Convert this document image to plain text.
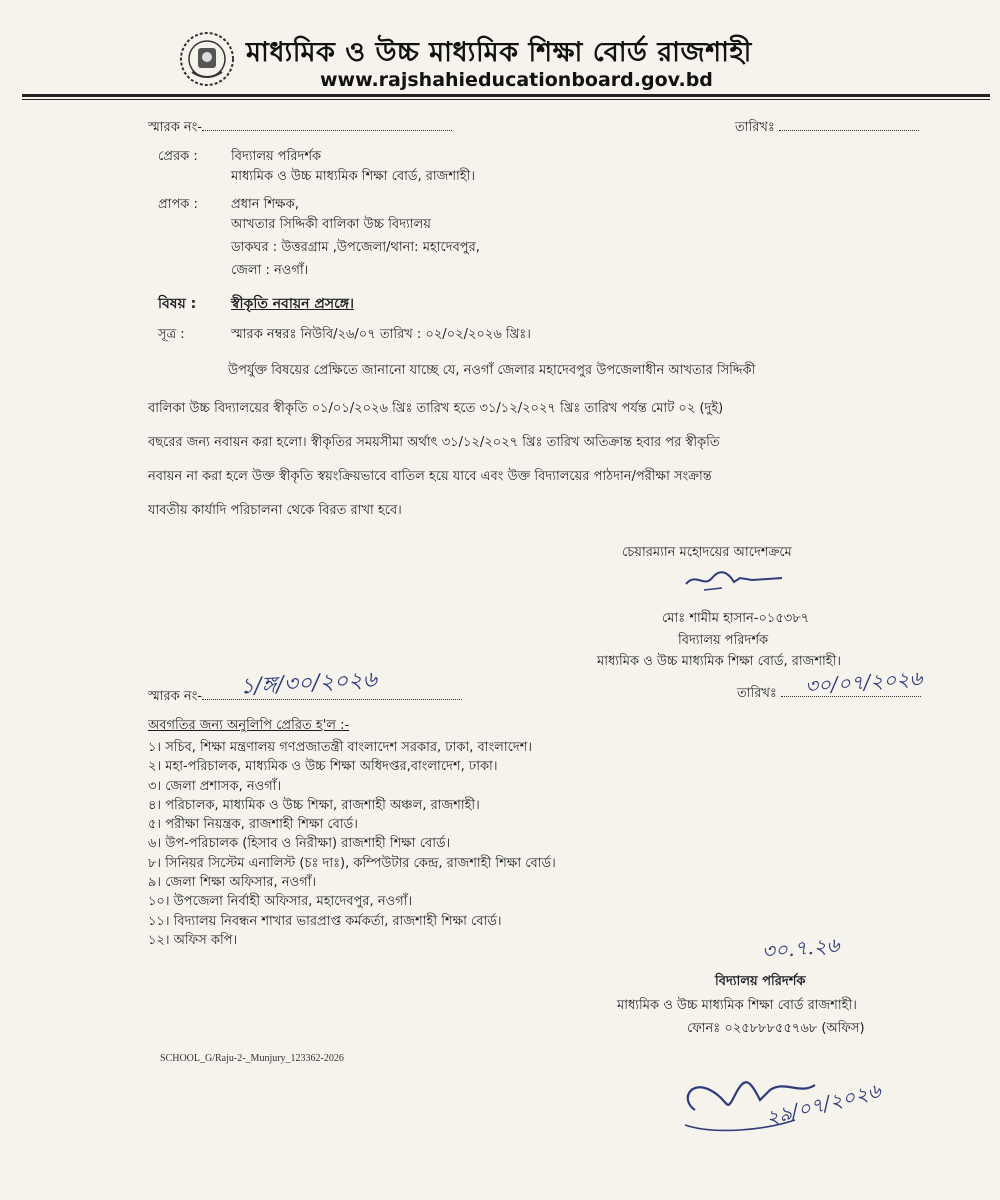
মাধ্যমিক ও উচ্চ মাধ্যমিক শিক্ষা বোর্ড রাজশাহী
www.rajshahieducationboard.gov.bd
স্মারক নং-	তারিখঃ
প্রেরক :	বিদ্যালয় পরিদর্শক
মাধ্যমিক ও উচ্চ মাধ্যমিক শিক্ষা বোর্ড, রাজশাহী।
প্রাপক :	প্রধান শিক্ষক,
আখতার সিদ্দিকী বালিকা উচ্চ বিদ্যালয়
ডাকঘর : উত্তরগ্রাম ,উপজেলা/থানা: মহাদেবপুর,
জেলা : নওগাঁ।
বিষয় : স্বীকৃতি নবায়ন প্রসঙ্গে।
সূত্র :	স্মারক নম্বরঃ নিউবি/২৬/০৭ তারিখ : ০২/০২/২০২৬ খ্রিঃ।
উপর্যুক্ত বিষয়ের প্রেক্ষিতে জানানো যাচ্ছে যে, নওগাঁ জেলার মহাদেবপুর উপজেলাধীন আখতার সিদ্দিকী
বালিকা উচ্চ বিদ্যালয়ের স্বীকৃতি ০১/০১/২০২৬ খ্রিঃ তারিখ হতে ৩১/১২/২০২৭ খ্রিঃ তারিখ পর্যন্ত মোট ০২ (দুই)
বছরের জন্য নবায়ন করা হলো। স্বীকৃতির সময়সীমা অর্থাৎ ৩১/১২/২০২৭ খ্রিঃ তারিখ অতিক্রান্ত হবার পর স্বীকৃতি
নবায়ন না করা হলে উক্ত স্বীকৃতি স্বয়ংক্রিয়ভাবে বাতিল হয়ে যাবে এবং উক্ত বিদ্যালয়ের পাঠদান/পরীক্ষা সংক্রান্ত
যাবতীয় কার্যাদি পরিচালনা থেকে বিরত রাখা হবে।
চেয়ারম্যান মহোদয়ের আদেশক্রমে
মোঃ শামীম হাসান-০১৫৩৮৭
বিদ্যালয় পরিদর্শক
মাধ্যমিক ও উচ্চ মাধ্যমিক শিক্ষা বোর্ড, রাজশাহী।
স্মারক নং-	১/ঙ্গ/৩০/২০২৬	তারিখঃ	৩০/০৭/২০২৬
অবগতির জন্য অনুলিপি প্রেরিত হ'ল :-
১। সচিব, শিক্ষা মন্ত্রণালয় গণপ্রজাতন্ত্রী বাংলাদেশ সরকার, ঢাকা, বাংলাদেশ।
২। মহা-পরিচালক, মাধ্যমিক ও উচ্চ শিক্ষা অধিদপ্তর,বাংলাদেশ, ঢাকা।
৩। জেলা প্রশাসক, নওগাঁ।
৪। পরিচালক, মাধ্যমিক ও উচ্চ শিক্ষা, রাজশাহী অঞ্চল, রাজশাহী।
৫। পরীক্ষা নিয়ন্ত্রক, রাজশাহী শিক্ষা বোর্ড।
৬। উপ-পরিচালক (হিসাব ও নিরীক্ষা) রাজশাহী শিক্ষা বোর্ড।
৮। সিনিয়র সিস্টেম এনালিস্ট (চঃ দাঃ), কম্পিউটার কেন্দ্র, রাজশাহী শিক্ষা বোর্ড।
৯। জেলা শিক্ষা অফিসার, নওগাঁ।
১০। উপজেলা নির্বাহী অফিসার, মহাদেবপুর, নওগাঁ।
১১। বিদ্যালয় নিবন্ধন শাখার ভারপ্রাপ্ত কর্মকর্তা, রাজশাহী শিক্ষা বোর্ড।
১২। অফিস কপি।	৩০.৭.২৬
বিদ্যালয় পরিদর্শক
মাধ্যমিক ও উচ্চ মাধ্যমিক শিক্ষা বোর্ড রাজশাহী।
ফোনঃ ০২৫৮৮৮৫৫৭৬৮ (অফিস)
SCHOOL_G/Raju-2-_Munjury_123362-2026
২৯/০৭/২০২৬
